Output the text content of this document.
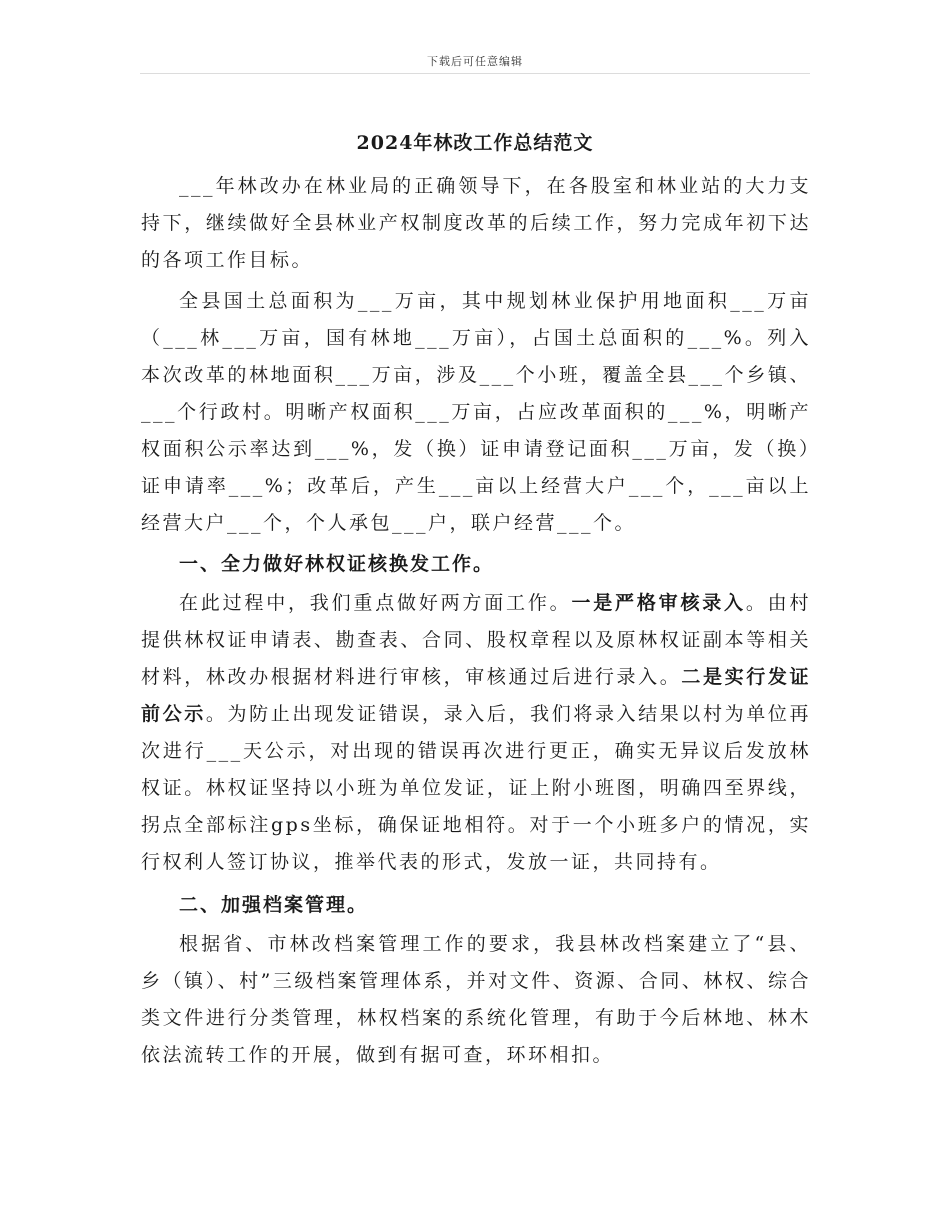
下载后可任意编辑
2024年林改工作总结范文

___年林改办在林业局的正确领导下，在各股室和林业站的大力支持下，继续做好全县林业产权制度改革的后续工作，努力完成年初下达的各项工作目标。

全县国土总面积为___万亩，其中规划林业保护用地面积___万亩（___林___万亩，国有林地___万亩），占国土总面积的___%。列入本次改革的林地面积___万亩，涉及___个小班，覆盖全县___个乡镇、___个行政村。明晰产权面积___万亩，占应改革面积的___%，明晰产权面积公示率达到___%，发（换）证申请登记面积___万亩，发（换）证申请率___%；改革后，产生___亩以上经营大户___个，___亩以上经营大户___个，个人承包___户，联户经营___个。

一、全力做好林权证核换发工作。

在此过程中，我们重点做好两方面工作。一是严格审核录入。由村提供林权证申请表、勘查表、合同、股权章程以及原林权证副本等相关材料，林改办根据材料进行审核，审核通过后进行录入。二是实行发证前公示。为防止出现发证错误，录入后，我们将录入结果以村为单位再次进行___天公示，对出现的错误再次进行更正，确实无异议后发放林权证。林权证坚持以小班为单位发证，证上附小班图，明确四至界线，拐点全部标注gps坐标，确保证地相符。对于一个小班多户的情况，实行权利人签订协议，推举代表的形式，发放一证，共同持有。

二、加强档案管理。

根据省、市林改档案管理工作的要求，我县林改档案建立了“县、乡（镇）、村”三级档案管理体系，并对文件、资源、合同、林权、综合类文件进行分类管理，林权档案的系统化管理，有助于今后林地、林木依法流转工作的开展，做到有据可查，环环相扣。
